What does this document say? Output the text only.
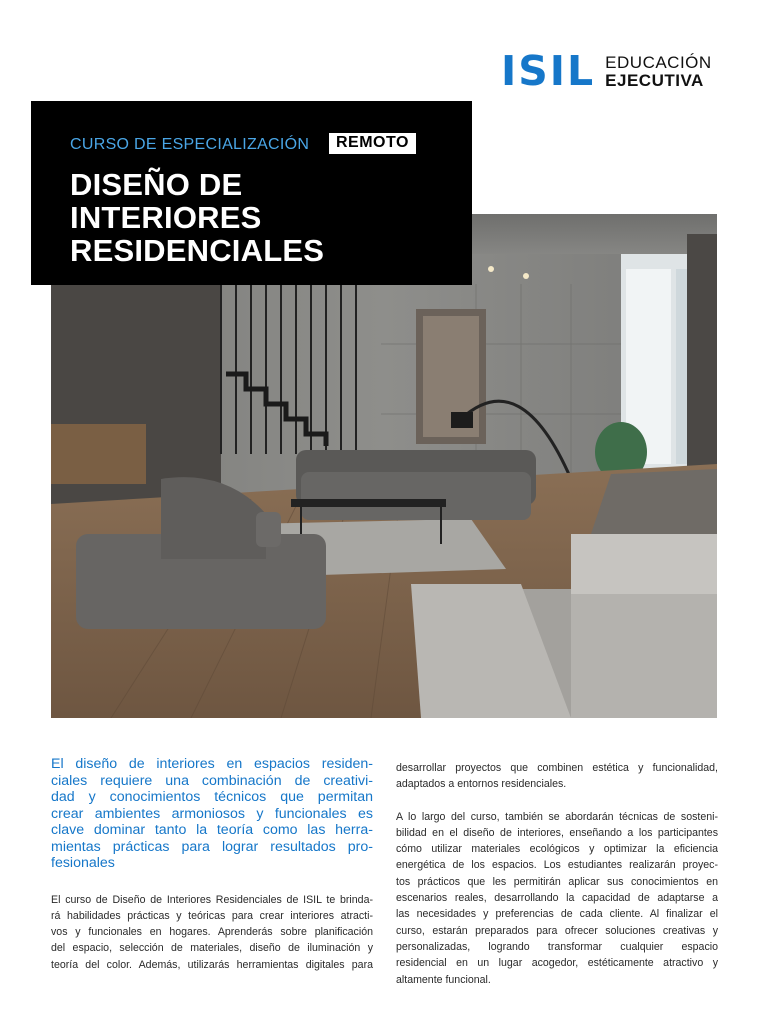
ISIL EDUCACIÓN
EJECUTIVA
CURSO DE ESPECIALIZACIÓN	REMOTO
DISEÑO DE
INTERIORES
RESIDENCIALES
El diseño de interiores en espacios residen-
ciales requiere una combinación de creativi-
dad y conocimientos técnicos que permitan
crear ambientes armoniosos y funcionales es
clave dominar tanto la teoría como las herra-
mientas prácticas para lograr resultados pro-
fesionales
El curso de Diseño de Interiores Residenciales de ISIL te brinda-
rá habilidades prácticas y teóricas para crear interiores atracti-
vos y funcionales en hogares. Aprenderás sobre planificación
del espacio, selección de materiales, diseño de iluminación y
teoría del color. Además, utilizarás herramientas digitales para
desarrollar proyectos que combinen estética y funcionalidad,
adaptados a entornos residenciales.
A lo largo del curso, también se abordarán técnicas de sosteni-
bilidad en el diseño de interiores, enseñando a los participantes
cómo utilizar materiales ecológicos y optimizar la eficiencia
energética de los espacios. Los estudiantes realizarán proyec-
tos prácticos que les permitirán aplicar sus conocimientos en
escenarios reales, desarrollando la capacidad de adaptarse a
las necesidades y preferencias de cada cliente. Al finalizar el
curso, estarán preparados para ofrecer soluciones creativas y
personalizadas, logrando transformar cualquier espacio
residencial en un lugar acogedor, estéticamente atractivo y
altamente funcional.
